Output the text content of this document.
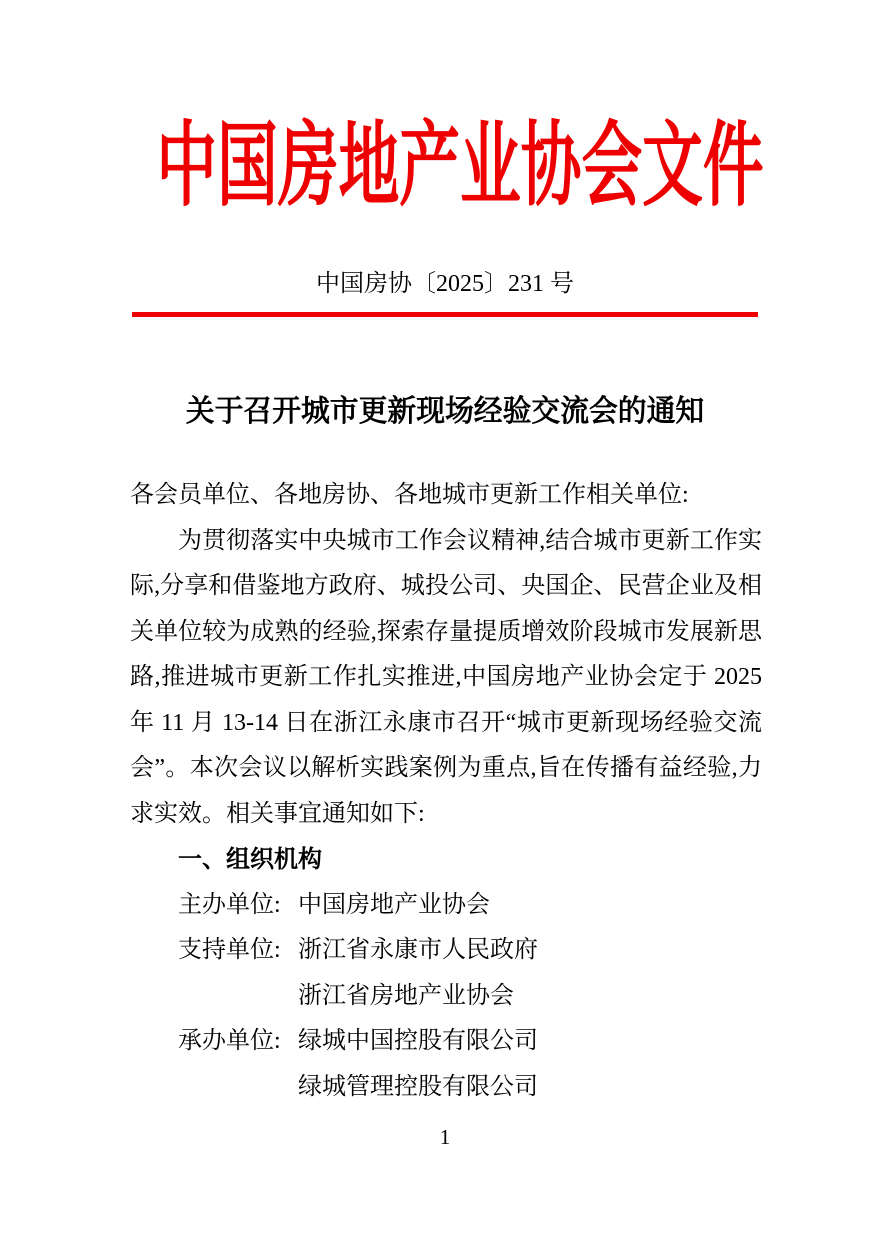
中国房地产业协会文件
中国房协〔2025〕231 号
关于召开城市更新现场经验交流会的通知
各会员单位、各地房协、各地城市更新工作相关单位:
为贯彻落实中央城市工作会议精神,结合城市更新工作实
际,分享和借鉴地方政府、城投公司、央国企、民营企业及相
关单位较为成熟的经验,探索存量提质增效阶段城市发展新思
路,推进城市更新工作扎实推进,中国房地产业协会定于 2025
年 11 月 13-14 日在浙江永康市召开“城市更新现场经验交流
会”。本次会议以解析实践案例为重点,旨在传播有益经验,力
求实效。相关事宜通知如下:
一、组织机构
主办单位: 中国房地产业协会
支持单位: 浙江省永康市人民政府
浙江省房地产业协会
承办单位: 绿城中国控股有限公司
绿城管理控股有限公司
1
